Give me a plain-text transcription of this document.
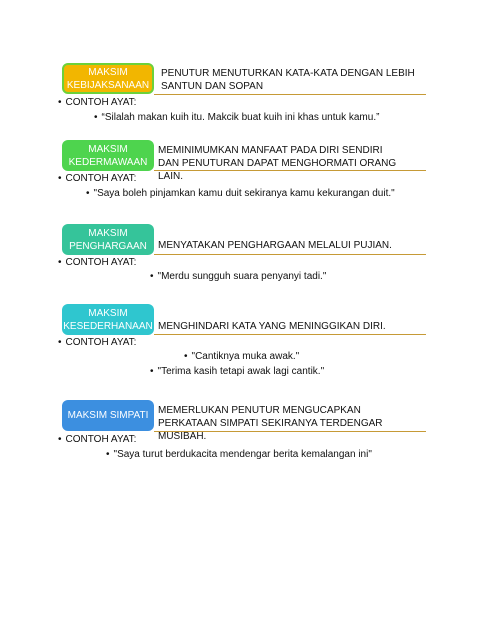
MAKSIM
KEBIJAKSANAAN
PENUTUR MENUTURKAN KATA-KATA DENGAN LEBIH SANTUN DAN SOPAN
• CONTOH AYAT:
• “Silalah makan kuih itu. Makcik buat kuih ini khas untuk kamu.”
MAKSIM
KEDERMAWAAN
MEMINIMUMKAN MANFAAT PADA DIRI SENDIRI DAN PENUTURAN DAPAT MENGHORMATI ORANG LAIN.
• CONTOH AYAT:
• "Saya boleh pinjamkan kamu duit sekiranya kamu kekurangan duit."
MAKSIM
PENGHARGAAN MENYATAKAN PENGHARGAAN MELALUI PUJIAN.
• CONTOH AYAT:
• "Merdu sungguh suara penyanyi tadi."
MAKSIM
KESEDERHANAAN MENGHINDARI KATA YANG MENINGGIKAN DIRI.
• CONTOH AYAT:
• "Cantiknya muka awak."
• "Terima kasih tetapi awak lagi cantik."
MAKSIM SIMPATI MEMERLUKAN PENUTUR MENGUCAPKAN PERKATAAN SIMPATI SEKIRANYA TERDENGAR MUSIBAH.
• CONTOH AYAT:
• "Saya turut berdukacita mendengar berita kemalangan ini"
